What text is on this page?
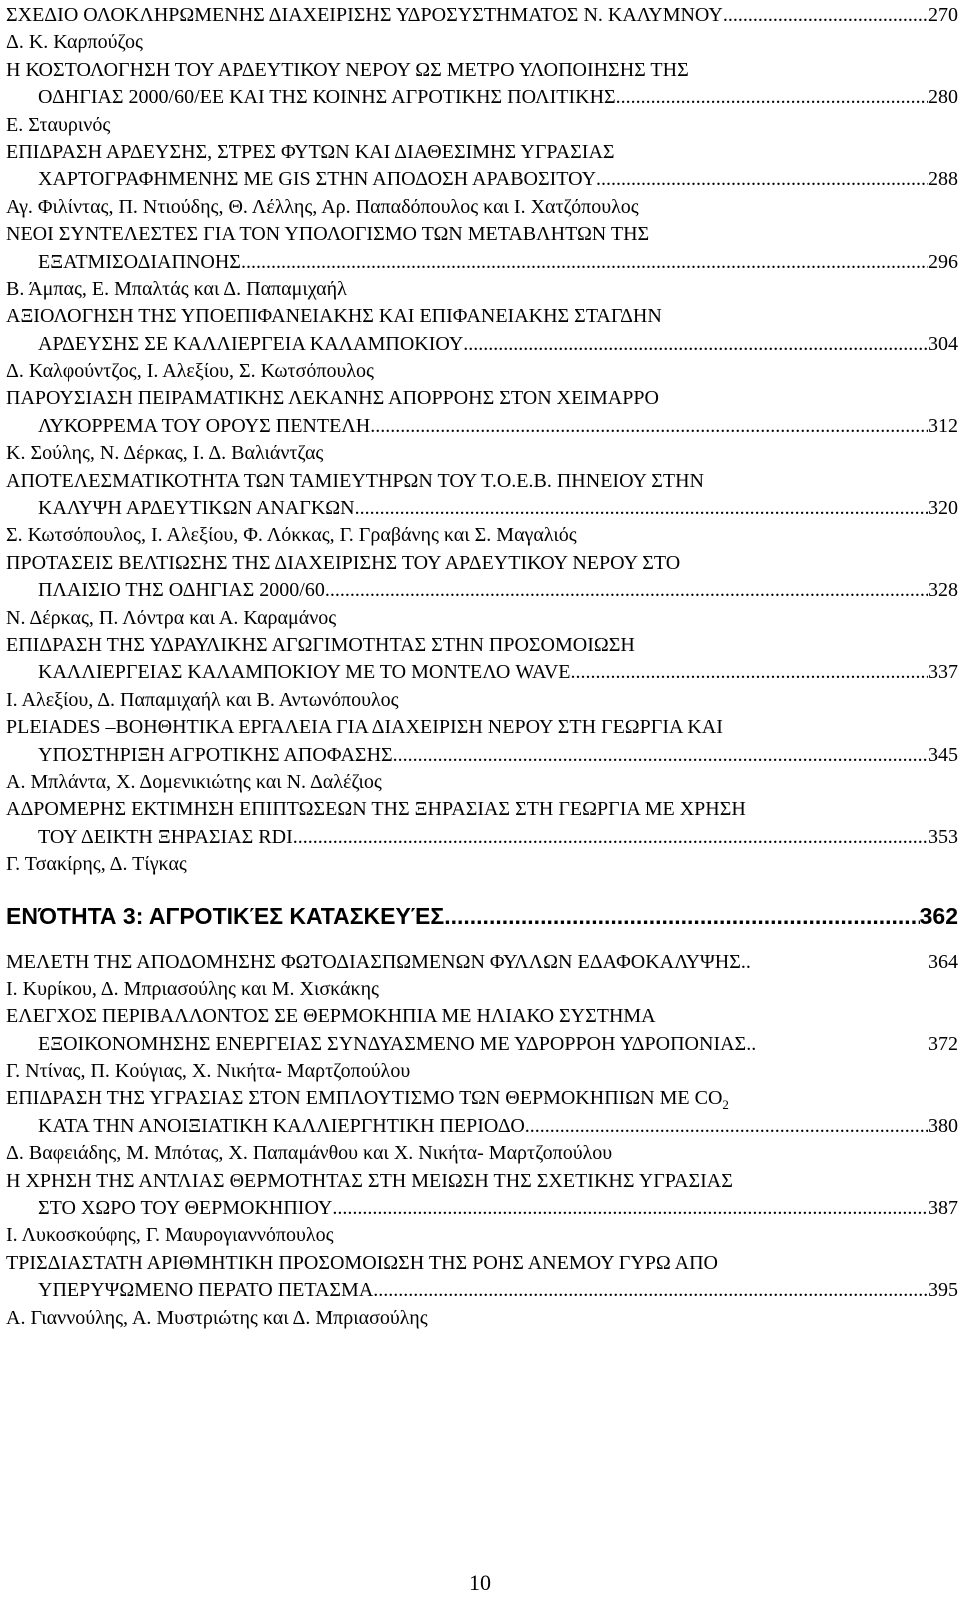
ΣΧΕΔΙΟ ΟΛΟΚΛΗΡΩΜΕΝΗΣ ΔΙΑΧΕΙΡΙΣΗΣ ΥΔΡΟΣΥΣΤΗΜΑΤΟΣ Ν. ΚΑΛΥΜΝΟΥ .....	270
Δ. Κ. Καρπούζος
Η ΚΟΣΤΟΛΟΓΗΣΗ ΤΟΥ ΑΡΔΕΥΤΙΚΟΥ ΝΕΡΟΥ ΩΣ ΜΕΤΡΟ ΥΛΟΠΟΙΗΣΗΣ ΤΗΣ
ΟΔΗΓΙΑΣ 2000/60/ΕΕ ΚΑΙ ΤΗΣ ΚΟΙΝΗΣ ΑΓΡΟΤΙΚΗΣ ΠΟΛΙΤΙΚΗΣ .....	280
Ε. Σταυρινός
ΕΠΙΔΡΑΣΗ ΑΡΔΕΥΣΗΣ, ΣΤΡΕΣ ΦΥΤΩΝ ΚΑΙ ΔΙΑΘΕΣΙΜΗΣ ΥΓΡΑΣΙΑΣ
ΧΑΡΤΟΓΡΑΦΗΜΕΝΗΣ ΜΕ GIS ΣΤΗΝ ΑΠΟΔΟΣΗ ΑΡΑΒΟΣΙΤΟΥ .....	288
Αγ. Φιλίντας, Π. Ντιούδης, Θ. Λέλλης, Αρ. Παπαδόπουλος και Ι. Χατζόπουλος
ΝΕΟΙ ΣΥΝΤΕΛΕΣΤΕΣ ΓΙΑ ΤΟΝ ΥΠΟΛΟΓΙΣΜΟ ΤΩΝ ΜΕΤΑΒΛΗΤΩΝ ΤΗΣ
ΕΞΑΤΜΙΣΟΔΙΑΠΝΟΗΣ .....	296
Β. Άμπας, Ε. Μπαλτάς και Δ. Παπαμιχαήλ
ΑΞΙΟΛΟΓΗΣΗ ΤΗΣ ΥΠΟΕΠΙΦΑΝΕΙΑΚΗΣ ΚΑΙ ΕΠΙΦΑΝΕΙΑΚΗΣ ΣΤΑΓΔΗΝ
ΑΡΔΕΥΣΗΣ ΣΕ ΚΑΛΛΙΕΡΓΕΙΑ ΚΑΛΑΜΠΟΚΙΟΥ .....	304
Δ. Καλφούντζος, Ι. Αλεξίου, Σ. Κωτσόπουλος
ΠΑΡΟΥΣΙΑΣΗ ΠΕΙΡΑΜΑΤΙΚΗΣ ΛΕΚΑΝΗΣ ΑΠΟΡΡΟΗΣ ΣΤΟΝ ΧΕΙΜΑΡΡΟ
ΛΥΚΟΡΡΕΜΑ ΤΟΥ ΟΡΟΥΣ ΠΕΝΤΕΛΗ .....	312
Κ. Σούλης, Ν. Δέρκας, Ι. Δ. Βαλιάντζας
ΑΠΟΤΕΛΕΣΜΑΤΙΚΟΤΗΤΑ ΤΩΝ ΤΑΜΙΕΥΤΗΡΩΝ ΤΟΥ Τ.Ο.Ε.Β. ΠΗΝΕΙΟΥ ΣΤΗΝ
ΚΑΛΥΨΗ ΑΡΔΕΥΤΙΚΩΝ ΑΝΑΓΚΩΝ .....	320
Σ. Κωτσόπουλος, Ι. Αλεξίου, Φ. Λόκκας, Γ. Γραβάνης και Σ. Μαγαλιός
ΠΡΟΤΑΣΕΙΣ ΒΕΛΤΙΩΣΗΣ ΤΗΣ ΔΙΑΧΕΙΡΙΣΗΣ ΤΟΥ ΑΡΔΕΥΤΙΚΟΥ ΝΕΡΟΥ ΣΤΟ
ΠΛΑΙΣΙΟ ΤΗΣ ΟΔΗΓΙΑΣ 2000/60 .....	328
Ν. Δέρκας, Π. Λόντρα και Α. Καραμάνος
ΕΠΙΔΡΑΣΗ ΤΗΣ ΥΔΡΑΥΛΙΚΗΣ ΑΓΩΓΙΜΟΤΗΤΑΣ ΣΤΗΝ ΠΡΟΣΟΜΟΙΩΣΗ
ΚΑΛΛΙΕΡΓΕΙΑΣ ΚΑΛΑΜΠΟΚΙΟΥ ΜΕ ΤΟ ΜΟΝΤΕΛΟ WAVE .....	337
Ι. Αλεξίου, Δ. Παπαμιχαήλ και Β. Αντωνόπουλος
PLEIADES –ΒΟΗΘΗΤΙΚΑ ΕΡΓΑΛΕΙΑ ΓΙΑ ΔΙΑΧΕΙΡΙΣΗ ΝΕΡΟΥ ΣΤΗ ΓΕΩΡΓΙΑ ΚΑΙ
ΥΠΟΣΤΗΡΙΞΗ ΑΓΡΟΤΙΚΗΣ ΑΠΟΦΑΣΗΣ .....	345
Α. Μπλάντα, Χ. Δομενικιώτης και Ν. Δαλέζιος
ΑΔΡΟΜΕΡΗΣ ΕΚΤΙΜΗΣΗ ΕΠΙΠΤΩΣΕΩΝ ΤΗΣ ΞΗΡΑΣΙΑΣ ΣΤΗ ΓΕΩΡΓΙΑ ΜΕ ΧΡΗΣΗ
ΤΟΥ ΔΕΙΚΤΗ ΞΗΡΑΣΙΑΣ RDI .....	353
Γ. Τσακίρης, Δ. Τίγκας
ΕΝΌΤΗΤΑ 3: ΑΓΡΟΤΙΚΈΣ ΚΑΤΑΣΚΕΥΈΣ .....	362
ΜΕΛΕΤΗ ΤΗΣ ΑΠΟΔΟΜΗΣΗΣ ΦΩΤΟΔΙΑΣΠΩΜΕΝΩΝ ΦΥΛΛΩΝ ΕΔΑΦΟΚΑΛΥΨΗΣ ..	364
Ι. Κυρίκου, Δ. Μπριασούλης και Μ. Χισκάκης
ΕΛΕΓΧΟΣ ΠΕΡΙΒΑΛΛΟΝΤΟΣ ΣΕ ΘΕΡΜΟΚΗΠΙΑ ΜΕ ΗΛΙΑΚΟ ΣΥΣΤΗΜΑ
ΕΞΟΙΚΟΝΟΜΗΣΗΣ ΕΝΕΡΓΕΙΑΣ ΣΥΝΔΥΑΣΜΕΝΟ ΜΕ ΥΔΡΟΡΡΟΗ ΥΔΡΟΠΟΝΙΑΣ ..	372
Γ. Ντίνας, Π. Κούγιας, Χ. Νικήτα- Μαρτζοπούλου
ΕΠΙΔΡΑΣΗ ΤΗΣ ΥΓΡΑΣΙΑΣ ΣΤΟΝ ΕΜΠΛΟΥΤΙΣΜΟ ΤΩΝ ΘΕΡΜΟΚΗΠΙΩΝ ΜΕ $CO_2$
ΚΑΤΑ ΤΗΝ ΑΝΟΙΞΙΑΤΙΚΗ ΚΑΛΛΙΕΡΓΗΤΙΚΗ ΠΕΡΙΟΔΟ .....	380
Δ. Βαφειάδης, Μ. Μπότας, Χ. Παπαμάνθου και Χ. Νικήτα- Μαρτζοπούλου
Η ΧΡΗΣΗ ΤΗΣ ΑΝΤΛΙΑΣ ΘΕΡΜΟΤΗΤΑΣ ΣΤΗ ΜΕΙΩΣΗ ΤΗΣ ΣΧΕΤΙΚΗΣ ΥΓΡΑΣΙΑΣ
ΣΤΟ ΧΩΡΟ ΤΟΥ ΘΕΡΜΟΚΗΠΙΟΥ .....	387
Ι. Λυκοσκούφης, Γ. Μαυρογιαννόπουλος
ΤΡΙΣΔΙΑΣΤΑΤΗ ΑΡΙΘΜΗΤΙΚΗ ΠΡΟΣΟΜΟΙΩΣΗ ΤΗΣ ΡΟΗΣ ΑΝΕΜΟΥ ΓΥΡΩ ΑΠΟ
ΥΠΕΡΥΨΩΜΕΝΟ ΠΕΡΑΤΟ ΠΕΤΑΣΜΑ .....	395
Α. Γιαννούλης, Α. Μυστριώτης και Δ. Μπριασούλης
10
